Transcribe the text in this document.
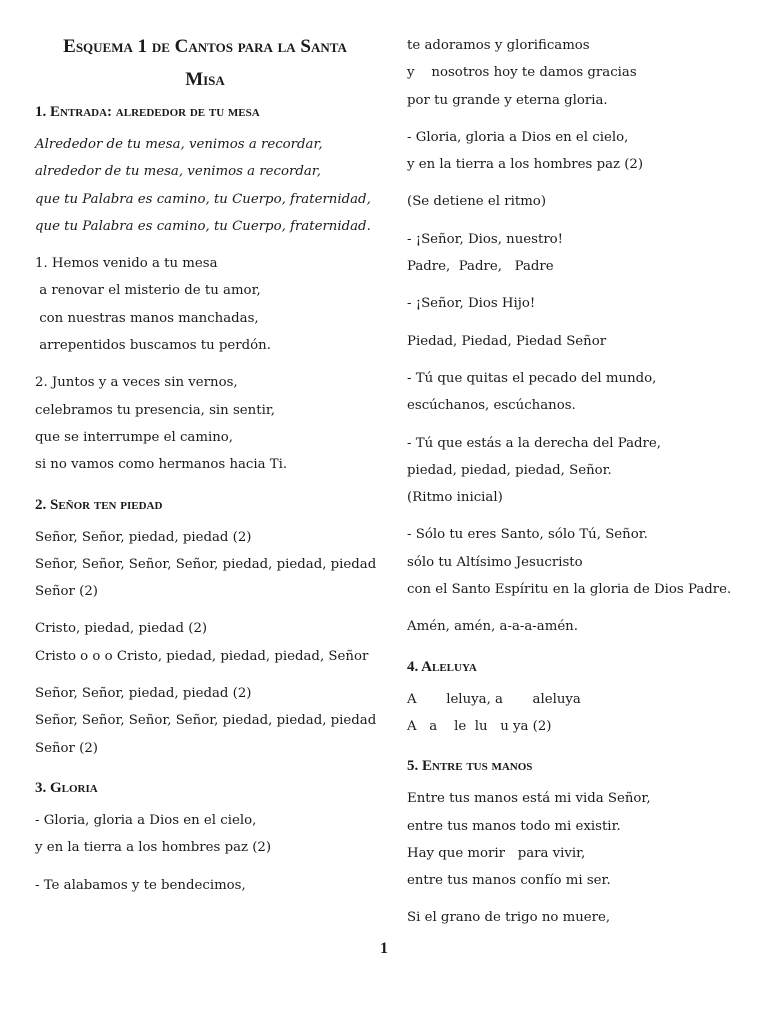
Esquema 1 de Cantos para la Santa
Misa
1. Entrada: alrededor de tu mesa
Alrededor de tu mesa, venimos a recordar,
alrededor de tu mesa, venimos a recordar,
que tu Palabra es camino, tu Cuerpo, fraternidad,
que tu Palabra es camino, tu Cuerpo, fraternidad.
1. Hemos venido a tu mesa
a renovar el misterio de tu amor,
con nuestras manos manchadas,
arrepentidos buscamos tu perdón.
2. Juntos y a veces sin vernos,
celebramos tu presencia, sin sentir,
que se interrumpe el camino,
si no vamos como hermanos hacia Ti.
2. Señor ten piedad
Señor, Señor, piedad, piedad (2)
Señor, Señor, Señor, Señor, piedad, piedad, piedad
Señor (2)
Cristo, piedad, piedad (2)
Cristo o o o Cristo, piedad, piedad, piedad, Señor
Señor, Señor, piedad, piedad (2)
Señor, Señor, Señor, Señor, piedad, piedad, piedad
Señor (2)
3. Gloria
- Gloria, gloria a Dios en el cielo,
y en la tierra a los hombres paz (2)
- Te alabamos y te bendecimos,
te adoramos y glorificamos
y    nosotros hoy te damos gracias
por tu grande y eterna gloria.
- Gloria, gloria a Dios en el cielo,
y en la tierra a los hombres paz (2)
(Se detiene el ritmo)
- ¡Señor, Dios, nuestro!
Padre,  Padre,   Padre
- ¡Señor, Dios Hijo!
Piedad, Piedad, Piedad Señor
- Tú que quitas el pecado del mundo,
escúchanos, escúchanos.
- Tú que estás a la derecha del Padre,
piedad, piedad, piedad, Señor.
(Ritmo inicial)
- Sólo tu eres Santo, sólo Tú, Señor.
sólo tu Altísimo Jesucristo
con el Santo Espíritu en la gloria de Dios Padre.
Amén, amén, a-a-a-amén.
4. Aleluya
A       leluya, a       aleluya
A   a    le  lu   u ya (2)
5. Entre tus manos
Entre tus manos está mi vida Señor,
entre tus manos todo mi existir.
Hay que morir   para vivir,
entre tus manos confío mi ser.
Si el grano de trigo no muere,
1
